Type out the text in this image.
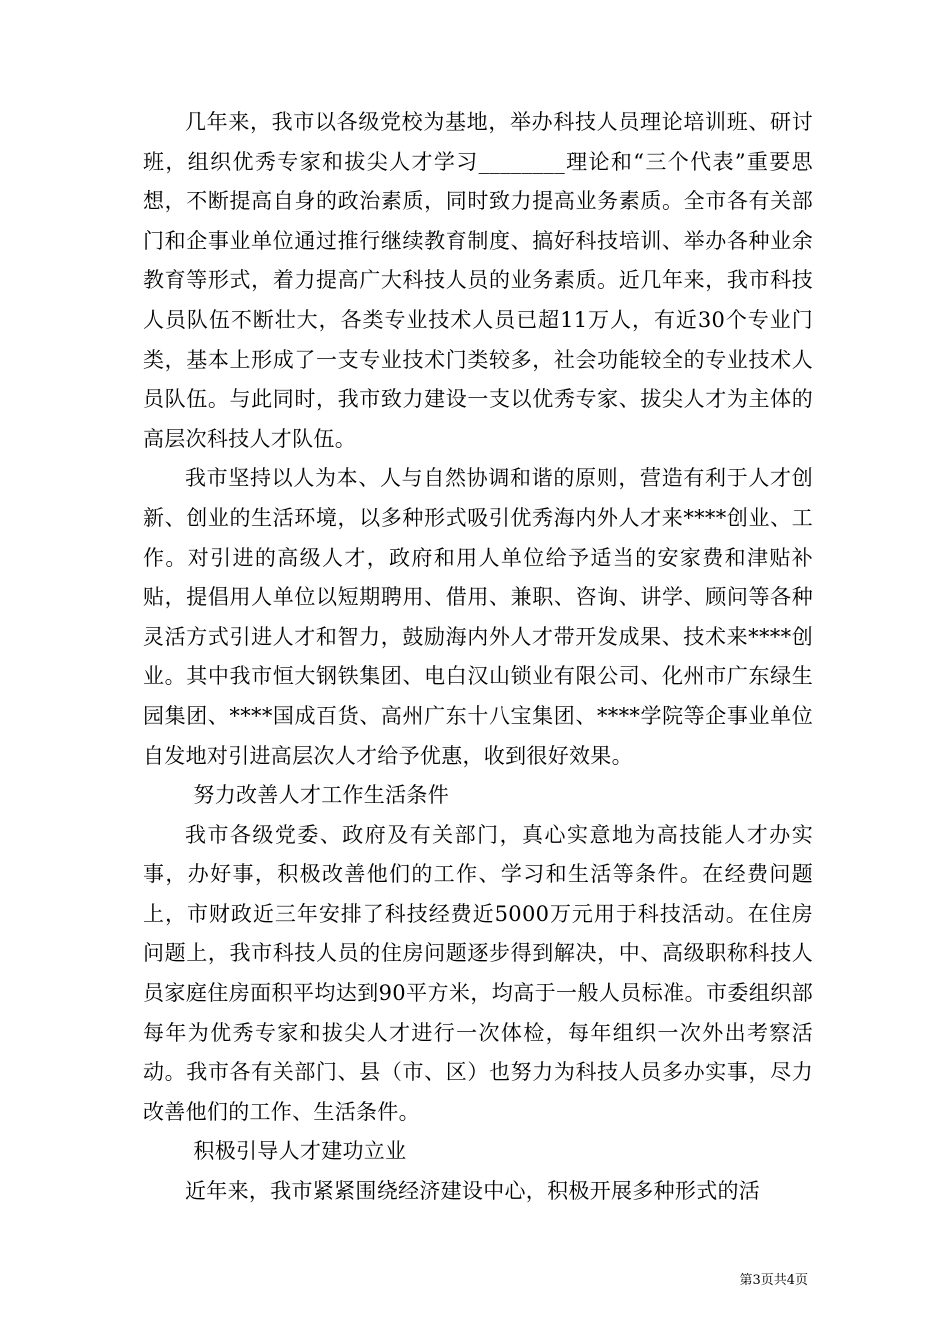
几年来，我市以各级党校为基地，举办科技人员理论培训班、研讨班，组织优秀专家和拔尖人才学习________理论和“三个代表”重要思想，不断提高自身的政治素质，同时致力提高业务素质。全市各有关部门和企事业单位通过推行继续教育制度、搞好科技培训、举办各种业余教育等形式，着力提高广大科技人员的业务素质。近几年来，我市科技人员队伍不断壮大，各类专业技术人员已超11万人，有近30个专业门类，基本上形成了一支专业技术门类较多，社会功能较全的专业技术人员队伍。与此同时，我市致力建设一支以优秀专家、拔尖人才为主体的高层次科技人才队伍。

我市坚持以人为本、人与自然协调和谐的原则，营造有利于人才创新、创业的生活环境，以多种形式吸引优秀海内外人才来****创业、工作。对引进的高级人才，政府和用人单位给予适当的安家费和津贴补贴，提倡用人单位以短期聘用、借用、兼职、咨询、讲学、顾问等各种灵活方式引进人才和智力，鼓励海内外人才带开发成果、技术来****创业。其中我市恒大钢铁集团、电白汉山锁业有限公司、化州市广东绿生园集团、****国成百货、高州广东十八宝集团、****学院等企事业单位自发地对引进高层次人才给予优惠，收到很好效果。

努力改善人才工作生活条件

我市各级党委、政府及有关部门，真心实意地为高技能人才办实事，办好事，积极改善他们的工作、学习和生活等条件。在经费问题上，市财政近三年安排了科技经费近5000万元用于科技活动。在住房问题上，我市科技人员的住房问题逐步得到解决，中、高级职称科技人员家庭住房面积平均达到90平方米，均高于一般人员标准。市委组织部每年为优秀专家和拔尖人才进行一次体检，每年组织一次外出考察活动。我市各有关部门、县（市、区）也努力为科技人员多办实事，尽力改善他们的工作、生活条件。

积极引导人才建功立业

近年来，我市紧紧围绕经济建设中心，积极开展多种形式的活

第3页共4页
